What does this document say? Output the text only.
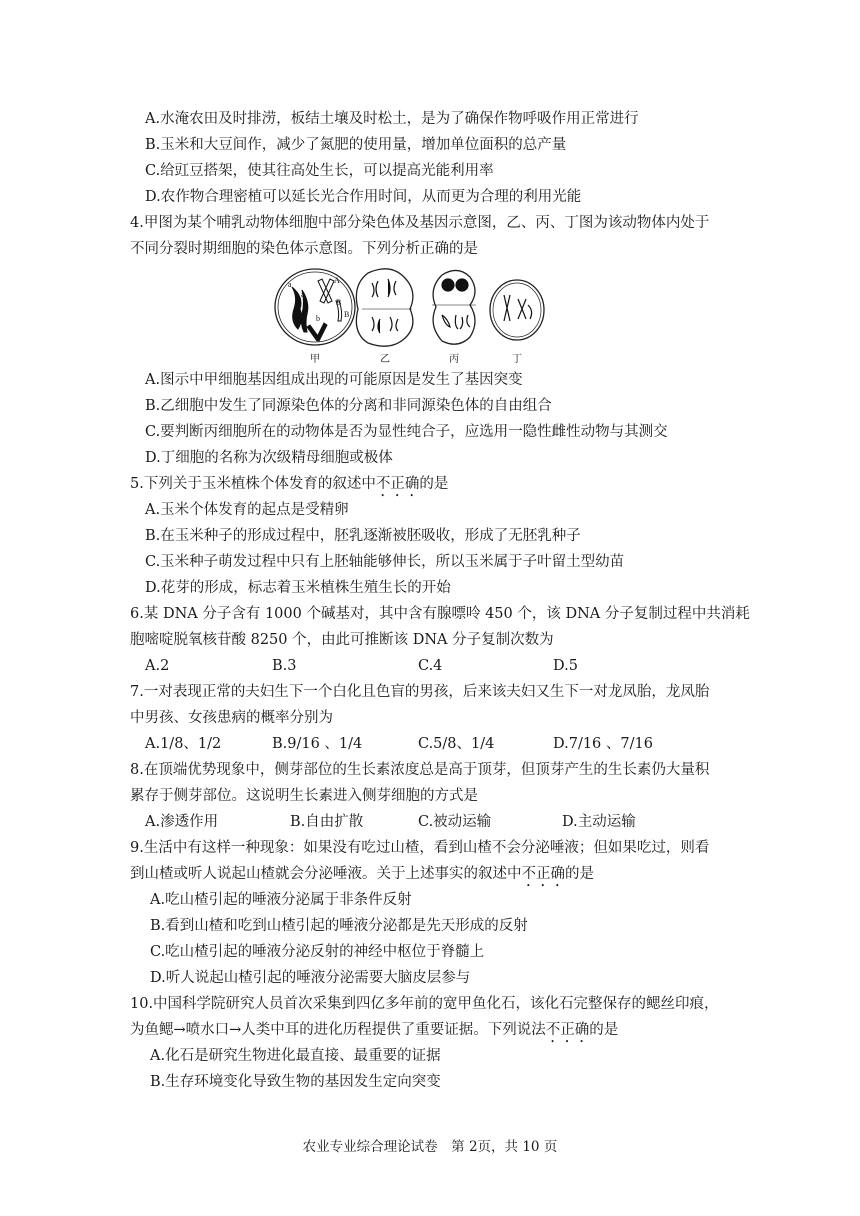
A.水淹农田及时排涝，板结土壤及时松土，是为了确保作物呼吸作用正常进行
B.玉米和大豆间作，减少了氮肥的使用量，增加单位面积的总产量
C.给豇豆搭架，使其往高处生长，可以提高光能利用率
D.农作物合理密植可以延长光合作用时间，从而更为合理的利用光能
4.甲图为某个哺乳动物体细胞中部分染色体及基因示意图，乙、丙、丁图为该动物体内处于
不同分裂时期细胞的染色体示意图。下列分析正确的是
a
a
A
B
B
b
甲	乙	丙	丁
A.图示中甲细胞基因组成出现的可能原因是发生了基因突变
B.乙细胞中发生了同源染色体的分离和非同源染色体的自由组合
C.要判断丙细胞所在的动物体是否为显性纯合子，应选用一隐性雌性动物与其测交
D.丁细胞的名称为次级精母细胞或极体
5.下列关于玉米植株个体发育的叙述中不正确的是
A.玉米个体发育的起点是受精卵
B.在玉米种子的形成过程中，胚乳逐渐被胚吸收，形成了无胚乳种子
C.玉米种子萌发过程中只有上胚轴能够伸长，所以玉米属于子叶留土型幼苗
D.花芽的形成，标志着玉米植株生殖生长的开始
6.某 DNA 分子含有 1000 个碱基对，其中含有腺嘌呤 450 个，该 DNA 分子复制过程中共消耗
胞嘧啶脱氧核苷酸 8250 个，由此可推断该 DNA 分子复制次数为
A.2	B.3	C.4	D.5
7.一对表现正常的夫妇生下一个白化且色盲的男孩，后来该夫妇又生下一对龙凤胎，龙凤胎
中男孩、女孩患病的概率分别为
A.1/8、1/2	B.9/16 、1/4	C.5/8、1/4	D.7/16 、7/16
8.在顶端优势现象中，侧芽部位的生长素浓度总是高于顶芽，但顶芽产生的生长素仍大量积
累存于侧芽部位。这说明生长素进入侧芽细胞的方式是
A.渗透作用	B.自由扩散	C.被动运输	D.主动运输
9.生活中有这样一种现象：如果没有吃过山楂，看到山楂不会分泌唾液；但如果吃过，则看
到山楂或听人说起山楂就会分泌唾液。关于上述事实的叙述中不正确的是
A.吃山楂引起的唾液分泌属于非条件反射
B.看到山楂和吃到山楂引起的唾液分泌都是先天形成的反射
C.吃山楂引起的唾液分泌反射的神经中枢位于脊髓上
D.听人说起山楂引起的唾液分泌需要大脑皮层参与
10.中国科学院研究人员首次采集到四亿多年前的宽甲鱼化石，该化石完整保存的鳃丝印痕，
为鱼鳃→喷水口→人类中耳的进化历程提供了重要证据。下列说法不正确的是
A.化石是研究生物进化最直接、最重要的证据
B.生存环境变化导致生物的基因发生定向突变
农业专业综合理论试卷　第 2页，共 10 页
